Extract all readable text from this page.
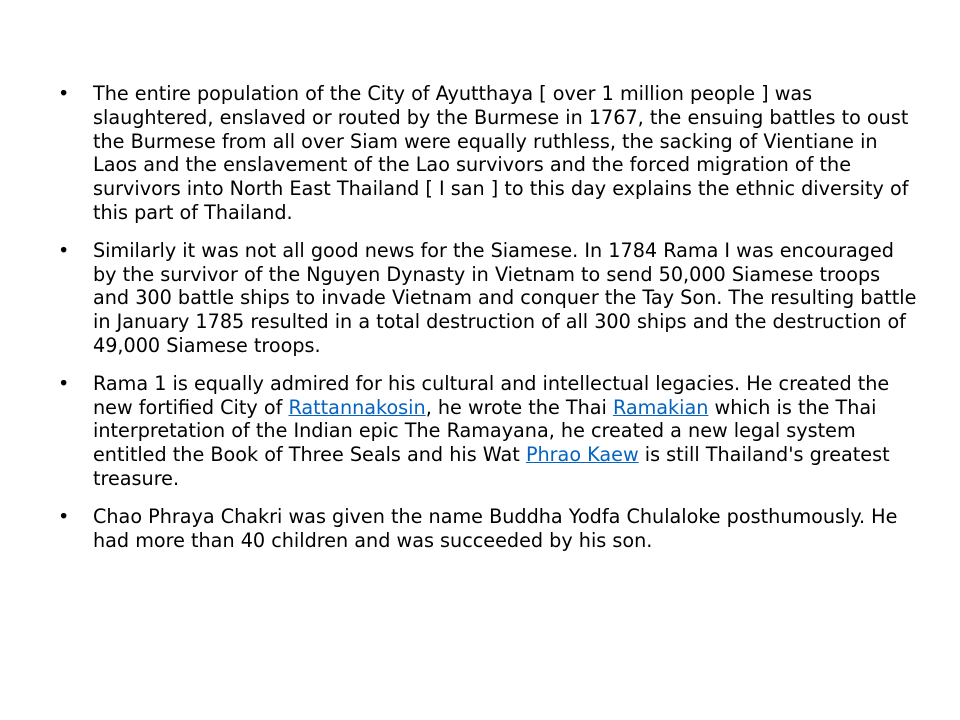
• The entire population of the City of Ayutthaya [ over 1 million people ] was slaughtered, enslaved or routed by the Burmese in 1767, the ensuing battles to oust the Burmese from all over Siam were equally ruthless, the sacking of Vientiane in Laos and the enslavement of the Lao survivors and the forced migration of the survivors into North East Thailand [ I san ] to this day explains the ethnic diversity of this part of Thailand.
• Similarly it was not all good news for the Siamese. In 1784 Rama I was encouraged by the survivor of the Nguyen Dynasty in Vietnam to send 50,000 Siamese troops and 300 battle ships to invade Vietnam and conquer the Tay Son. The resulting battle in January 1785 resulted in a total destruction of all 300 ships and the destruction of 49,000 Siamese troops.
• Rama 1 is equally admired for his cultural and intellectual legacies. He created the new fortified City of Rattannakosin, he wrote the Thai Ramakian which is the Thai interpretation of the Indian epic The Ramayana, he created a new legal system entitled the Book of Three Seals and his Wat Phrao Kaew is still Thailand's greatest treasure.
• Chao Phraya Chakri was given the name Buddha Yodfa Chulaloke posthumously. He had more than 40 children and was succeeded by his son.
